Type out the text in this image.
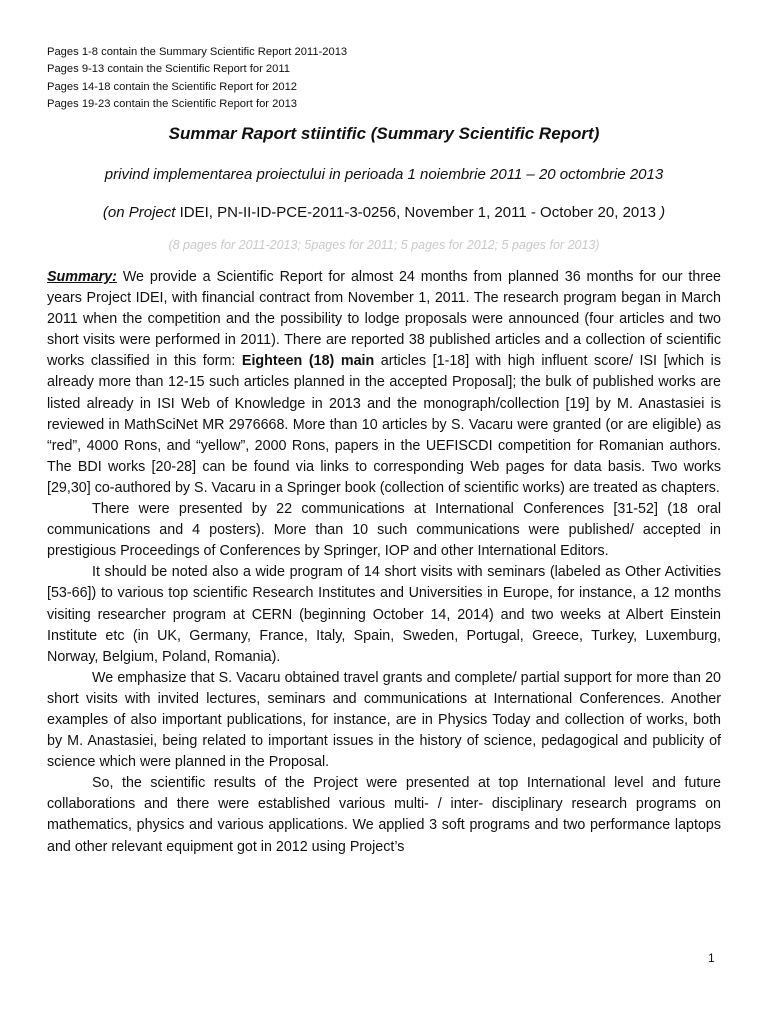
Pages 1-8 contain the Summary Scientific Report 2011-2013
Pages 9-13 contain the Scientific Report for 2011
Pages 14-18 contain the Scientific Report for 2012
Pages 19-23 contain the Scientific Report for 2013
Summar Raport stiintific (Summary Scientific Report)
privind implementarea proiectului in perioada 1 noiembrie 2011 – 20 octombrie 2013
(on Project IDEI, PN-II-ID-PCE-2011-3-0256, November 1, 2011 - October 20, 2013 )
(8 pages for 2011-2013; 5pages for 2011; 5 pages for 2012; 5 pages for 2013)

Summary: We provide a Scientific Report for almost 24 months from planned 36 months for our three years Project IDEI, with financial contract from November 1, 2011. The research program began in March 2011 when the competition and the possibility to lodge proposals were announced (four articles and two short visits were performed in 2011). There are reported 38 published articles and a collection of scientific works classified in this form: Eighteen (18) main articles [1-18] with high influent score/ ISI [which is already more than 12-15 such articles planned in the accepted Proposal]; the bulk of published works are listed already in ISI Web of Knowledge in 2013 and the monograph/collection [19] by M. Anastasiei is reviewed in MathSciNet MR 2976668. More than 10 articles by S. Vacaru were granted (or are eligible) as “red”, 4000 Rons, and “yellow”, 2000 Rons, papers in the UEFISCDI competition for Romanian authors. The BDI works [20-28] can be found via links to corresponding Web pages for data basis. Two works [29,30] co-authored by S. Vacaru in a Springer book (collection of scientific works) are treated as chapters.

There were presented by 22 communications at International Conferences [31-52] (18 oral communications and 4 posters). More than 10 such communications were published/ accepted in prestigious Proceedings of Conferences by Springer, IOP and other International Editors.

It should be noted also a wide program of 14 short visits with seminars (labeled as Other Activities [53-66]) to various top scientific Research Institutes and Universities in Europe, for instance, a 12 months visiting researcher program at CERN (beginning October 14, 2014) and two weeks at Albert Einstein Institute etc (in UK, Germany, France, Italy, Spain, Sweden, Portugal, Greece, Turkey, Luxemburg, Norway, Belgium, Poland, Romania).

We emphasize that S. Vacaru obtained travel grants and complete/ partial support for more than 20 short visits with invited lectures, seminars and communications at International Conferences. Another examples of also important publications, for instance, are in Physics Today and collection of works, both by M. Anastasiei, being related to important issues in the history of science, pedagogical and publicity of science which were planned in the Proposal.

So, the scientific results of the Project were presented at top International level and future collaborations and there were established various multi- / inter- disciplinary research programs on mathematics, physics and various applications. We applied 3 soft programs and two performance laptops and other relevant equipment got in 2012 using Project’s

1
